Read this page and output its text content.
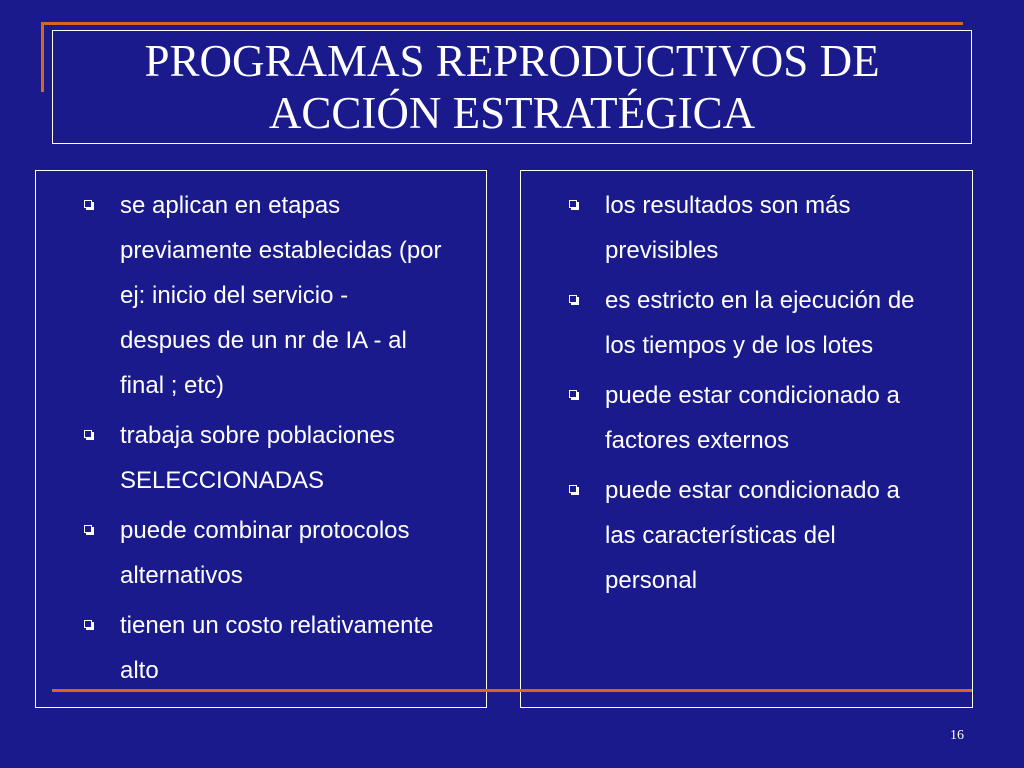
PROGRAMAS REPRODUCTIVOS DE
ACCIÓN ESTRATÉGICA
se aplican en etapas previamente establecidas (por ej: inicio del servicio - despues de un nr de IA - al final ; etc)
trabaja sobre poblaciones SELECCIONADAS
puede combinar protocolos alternativos
tienen un costo relativamente alto
los resultados son más previsibles
es estricto en la ejecución de los tiempos y de los lotes
puede estar condicionado a factores externos
puede estar condicionado a las características del personal
16
